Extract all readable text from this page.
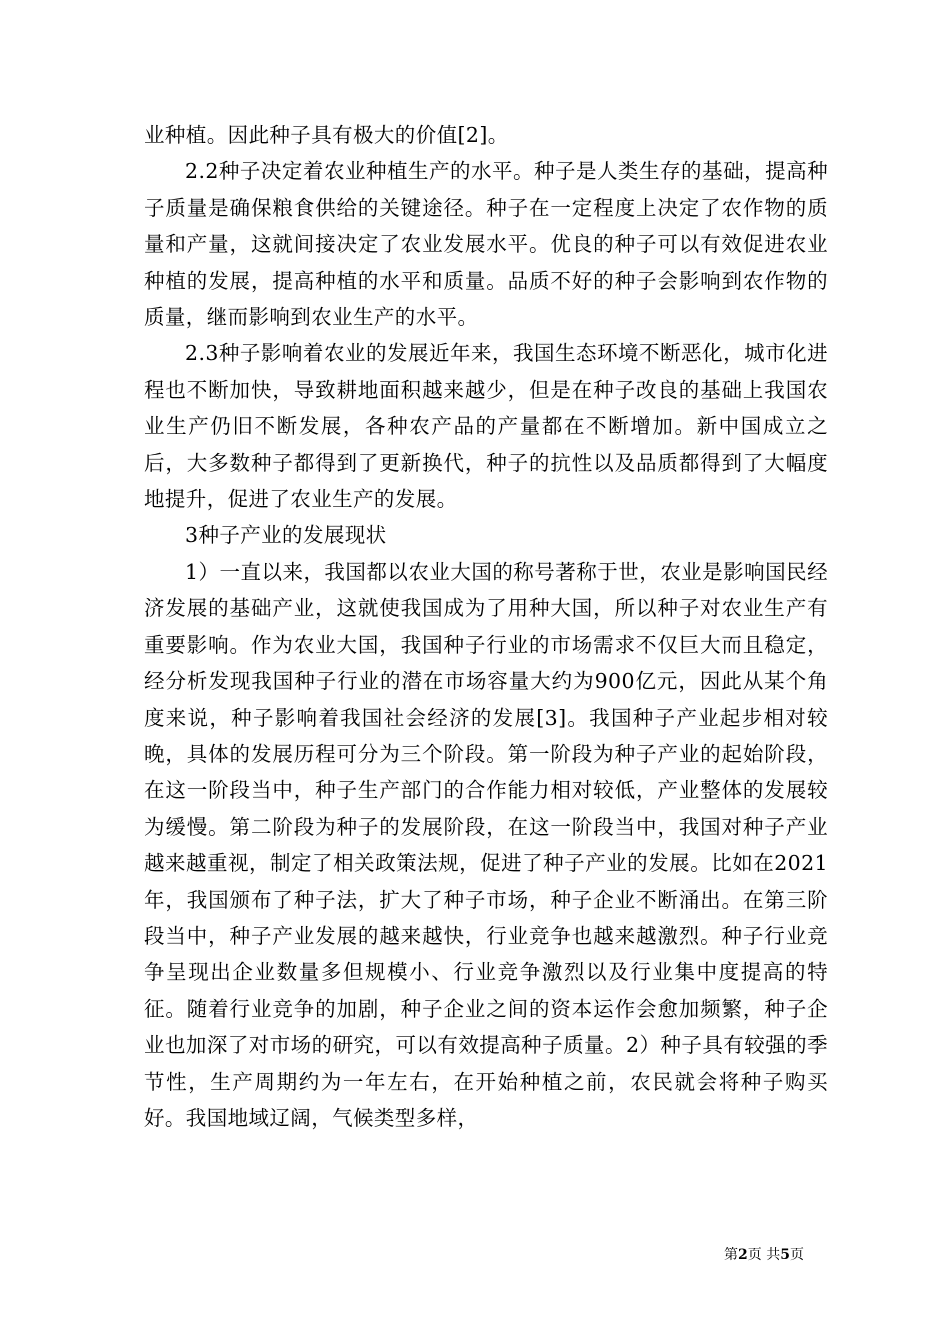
业种植。因此种子具有极大的价值[2]。

2.2种子决定着农业种植生产的水平。种子是人类生存的基础，提高种子质量是确保粮食供给的关键途径。种子在一定程度上决定了农作物的质量和产量，这就间接决定了农业发展水平。优良的种子可以有效促进农业种植的发展，提高种植的水平和质量。品质不好的种子会影响到农作物的质量，继而影响到农业生产的水平。

2.3种子影响着农业的发展近年来，我国生态环境不断恶化，城市化进程也不断加快，导致耕地面积越来越少，但是在种子改良的基础上我国农业生产仍旧不断发展，各种农产品的产量都在不断增加。新中国成立之后，大多数种子都得到了更新换代，种子的抗性以及品质都得到了大幅度地提升，促进了农业生产的发展。

3种子产业的发展现状

1）一直以来，我国都以农业大国的称号著称于世，农业是影响国民经济发展的基础产业，这就使我国成为了用种大国，所以种子对农业生产有重要影响。作为农业大国，我国种子行业的市场需求不仅巨大而且稳定，经分析发现我国种子行业的潜在市场容量大约为900亿元，因此从某个角度来说，种子影响着我国社会经济的发展[3]。我国种子产业起步相对较晚，具体的发展历程可分为三个阶段。第一阶段为种子产业的起始阶段，在这一阶段当中，种子生产部门的合作能力相对较低，产业整体的发展较为缓慢。第二阶段为种子的发展阶段，在这一阶段当中，我国对种子产业越来越重视，制定了相关政策法规，促进了种子产业的发展。比如在2021年，我国颁布了种子法，扩大了种子市场，种子企业不断涌出。在第三阶段当中，种子产业发展的越来越快，行业竞争也越来越激烈。种子行业竞争呈现出企业数量多但规模小、行业竞争激烈以及行业集中度提高的特征。随着行业竞争的加剧，种子企业之间的资本运作会愈加频繁，种子企业也加深了对市场的研究，可以有效提高种子质量。2）种子具有较强的季节性，生产周期约为一年左右，在开始种植之前，农民就会将种子购买好。我国地域辽阔，气候类型多样，

第2页 共5页
